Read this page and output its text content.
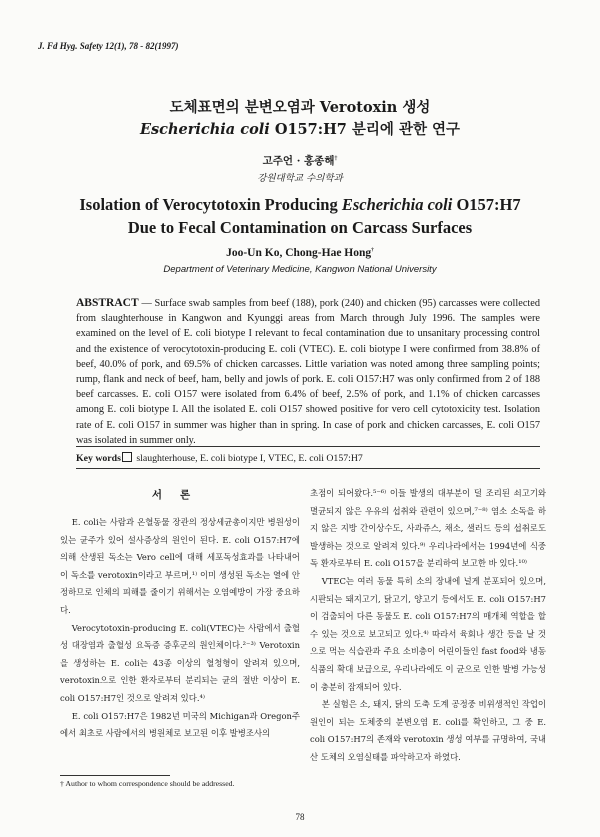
J. Fd Hyg. Safety 12(1), 78 - 82(1997)
도체표면의 분변오염과 Verotoxin 생성
Escherichia coli O157:H7 분리에 관한 연구
고주언 · 홍종해†
강원대학교 수의학과
Isolation of Verocytotoxin Producing Escherichia coli O157:H7
Due to Fecal Contamination on Carcass Surfaces
Joo-Un Ko, Chong-Hae Hong†
Department of Veterinary Medicine, Kangwon National University
ABSTRACT — Surface swab samples from beef (188), pork (240) and chicken (95) carcasses were collected from slaughterhouse in Kangwon and Kyunggi areas from March through July 1996. The samples were examined on the level of E. coli biotype I relevant to fecal contamination due to unsanitary processing control and the existence of verocytotoxin-producing E. coli (VTEC). E. coli biotype I were confirmed from 38.8% of beef, 40.0% of pork, and 69.5% of chicken carcasses. Little variation was noted among three sampling points; rump, flank and neck of beef, ham, belly and jowls of pork. E. coli O157:H7 was only confirmed from 2 of 188 beef carcasses. E. coli O157 were isolated from 6.4% of beef, 2.5% of pork, and 1.1% of chicken carcasses among E. coli biotype I. All the isolated E. coli O157 showed positive for vero cell cytotoxicity test. Isolation rate of E. coli O157 in summer was higher than in spring. In case of pork and chicken carcasses, E. coli O157 was isolated in summer only.
Key words slaughterhouse, E. coli biotype I, VTEC, E. coli O157:H7
서론

E. coli는 사람과 온혈동물 장관의 정상세균총이지만 병원성이 있는 균주가 있어 설사증상의 원인이 된다. E. coli O157:H7에 의해 산생된 독소는 Vero cell에 대해 세포독성효과를 나타내어 이 독소를 verotoxin이라고 부르며,¹⁾ 이미 생성된 독소는 열에 안정하므로 인체의 피해를 줄이기 위해서는 오염예방이 가장 중요하다.

Verocytotoxin-producing E. coli(VTEC)는 사람에서 출혈성 대장염과 출혈성 요독증 증후군의 원인체이다.²⁻³⁾ Verotoxin을 생성하는 E. coli는 43종 이상의 혈청형이 알려져 있으며, verotoxin으로 인한 환자로부터 분리되는 균의 절반 이상이 E. coli O157:H7인 것으로 알려져 있다.⁴⁾

E. coli O157:H7은 1982년 미국의 Michigan과 Oregon주에서 최초로 사람에서의 병원체로 보고된 이후 발병조사의

초점이 되어왔다.⁵⁻⁶⁾ 이들 발생의 대부분이 덜 조리된 쇠고기와 멸균되지 않은 우유의 섭취와 관련이 있으며,⁷⁻⁸⁾ 염소 소독을 하지 않은 지방 간이상수도, 사과쥬스, 채소, 샐러드 등의 섭취로도 발생하는 것으로 알려져 있다.⁹⁾ 우리나라에서는 1994년에 식중독 환자로부터 E. coli O157을 분리하여 보고한 바 있다.¹⁰⁾

VTEC는 여러 동물 특히 소의 장내에 널게 분포되어 있으며, 시판되는 돼지고기, 닭고기, 양고기 등에서도 E. coli O157:H7이 검출되어 다른 동물도 E. coli O157:H7의 매개체 역할을 할 수 있는 것으로 보고되고 있다.⁴⁾ 따라서 육회나 생간 등을 날 것으로 먹는 식습관과 주요 소비층이 어린이들인 fast food와 냉동식품의 확대 보급으로, 우리나라에도 이 균으로 인한 발병 가능성이 충분히 잠재되어 있다.

본 실험은 소, 돼지, 닭의 도축 도계 공정중 비위생적인 작업이 원인이 되는 도체중의 분변오염 E. coli를 확인하고, 그 중 E. coli O157:H7의 존재와 verotoxin 생성 여부를 규명하여, 국내산 도체의 오염실태를 파악하고자 하였다.

† Author to whom correspondence should be addressed.
78
